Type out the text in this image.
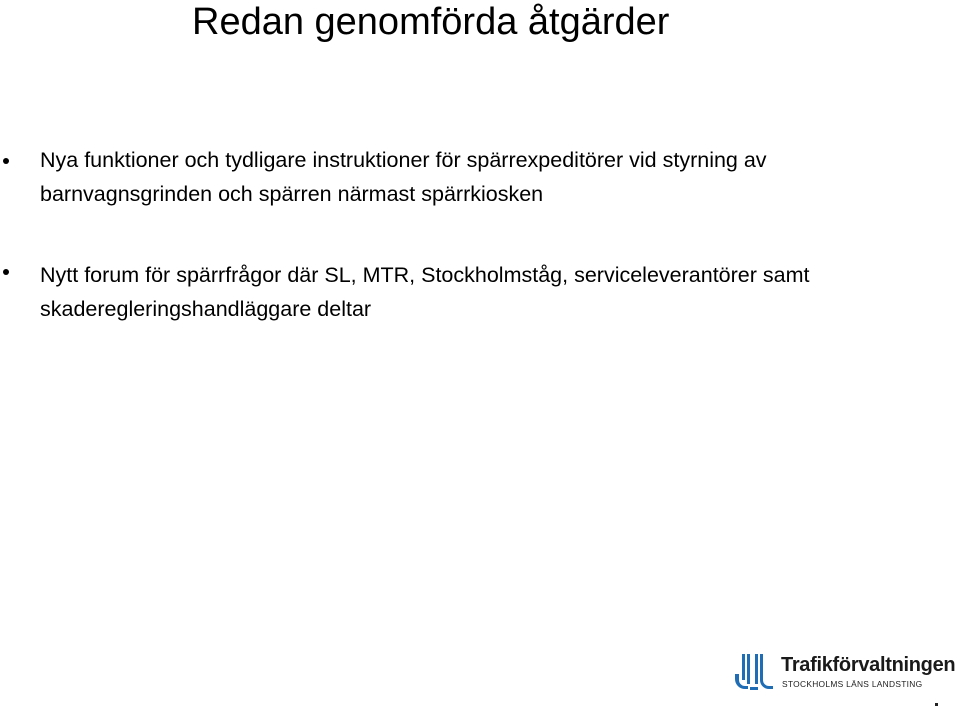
Redan genomförda åtgärder
Nya funktioner och tydligare instruktioner för spärrexpeditörer vid styrning av
barnvagnsgrinden och spärren närmast spärrkiosken
Nytt forum för spärrfrågor där SL, MTR, Stockholmståg, serviceleverantörer samt
skaderegleringshandläggare deltar
Trafikförvaltningen
STOCKHOLMS LÄNS LANDSTING
